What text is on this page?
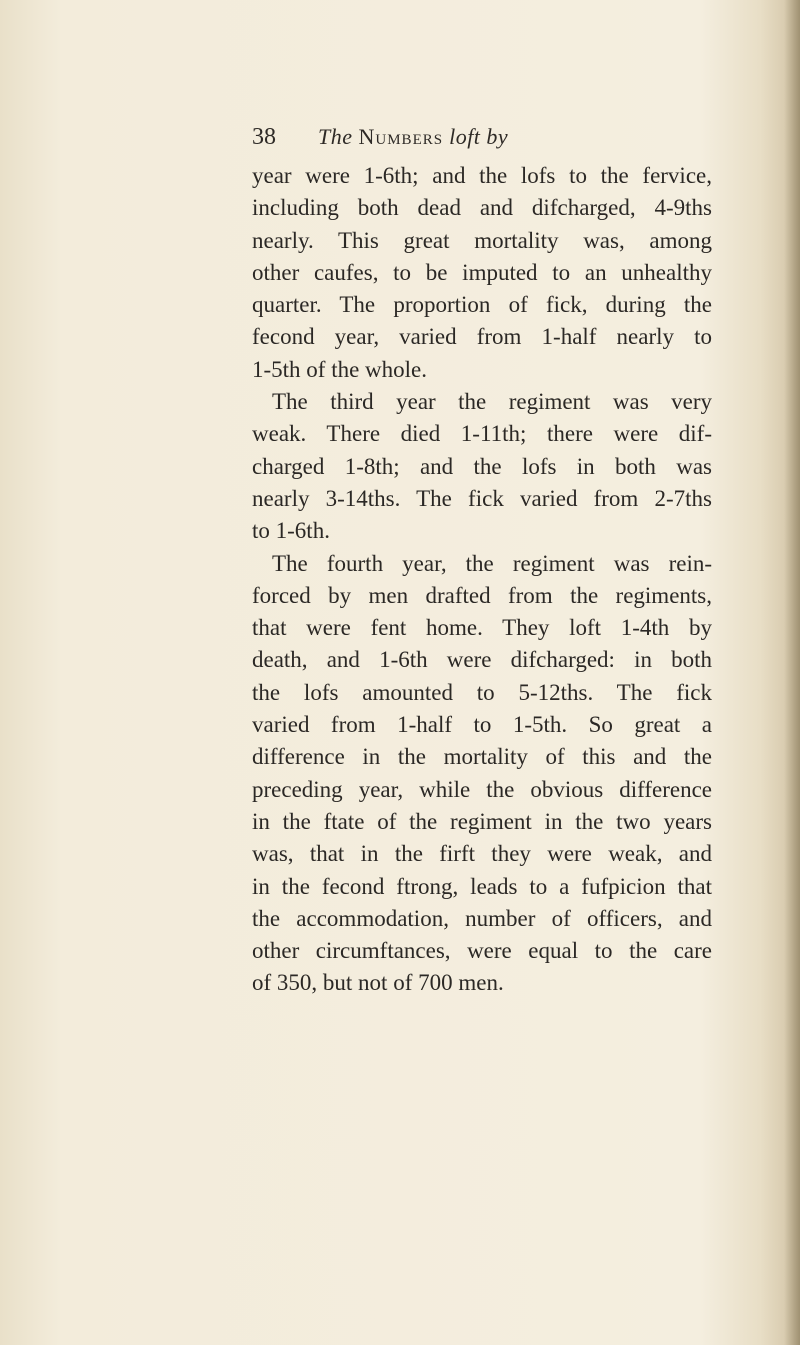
38 The Numbers loft by
year were 1-6th; and the lofs to the fervice,
including both dead and difcharged, 4-9ths
nearly. This great mortality was, among
other caufes, to be imputed to an unhealthy
quarter. The proportion of fick, during the
fecond year, varied from 1-half nearly to
1-5th of the whole.
The third year the regiment was very
weak. There died 1-11th; there were dif-
charged 1-8th; and the lofs in both was
nearly 3-14ths. The fick varied from 2-7ths
to 1-6th.
The fourth year, the regiment was rein-
forced by men drafted from the regiments,
that were fent home. They loft 1-4th by
death, and 1-6th were difcharged: in both
the lofs amounted to 5-12ths. The fick
varied from 1-half to 1-5th. So great a
difference in the mortality of this and the
preceding year, while the obvious difference
in the ftate of the regiment in the two years
was, that in the firft they were weak, and
in the fecond ftrong, leads to a fufpicion that
the accommodation, number of officers, and
other circumftances, were equal to the care
of 350, but not of 700 men.
